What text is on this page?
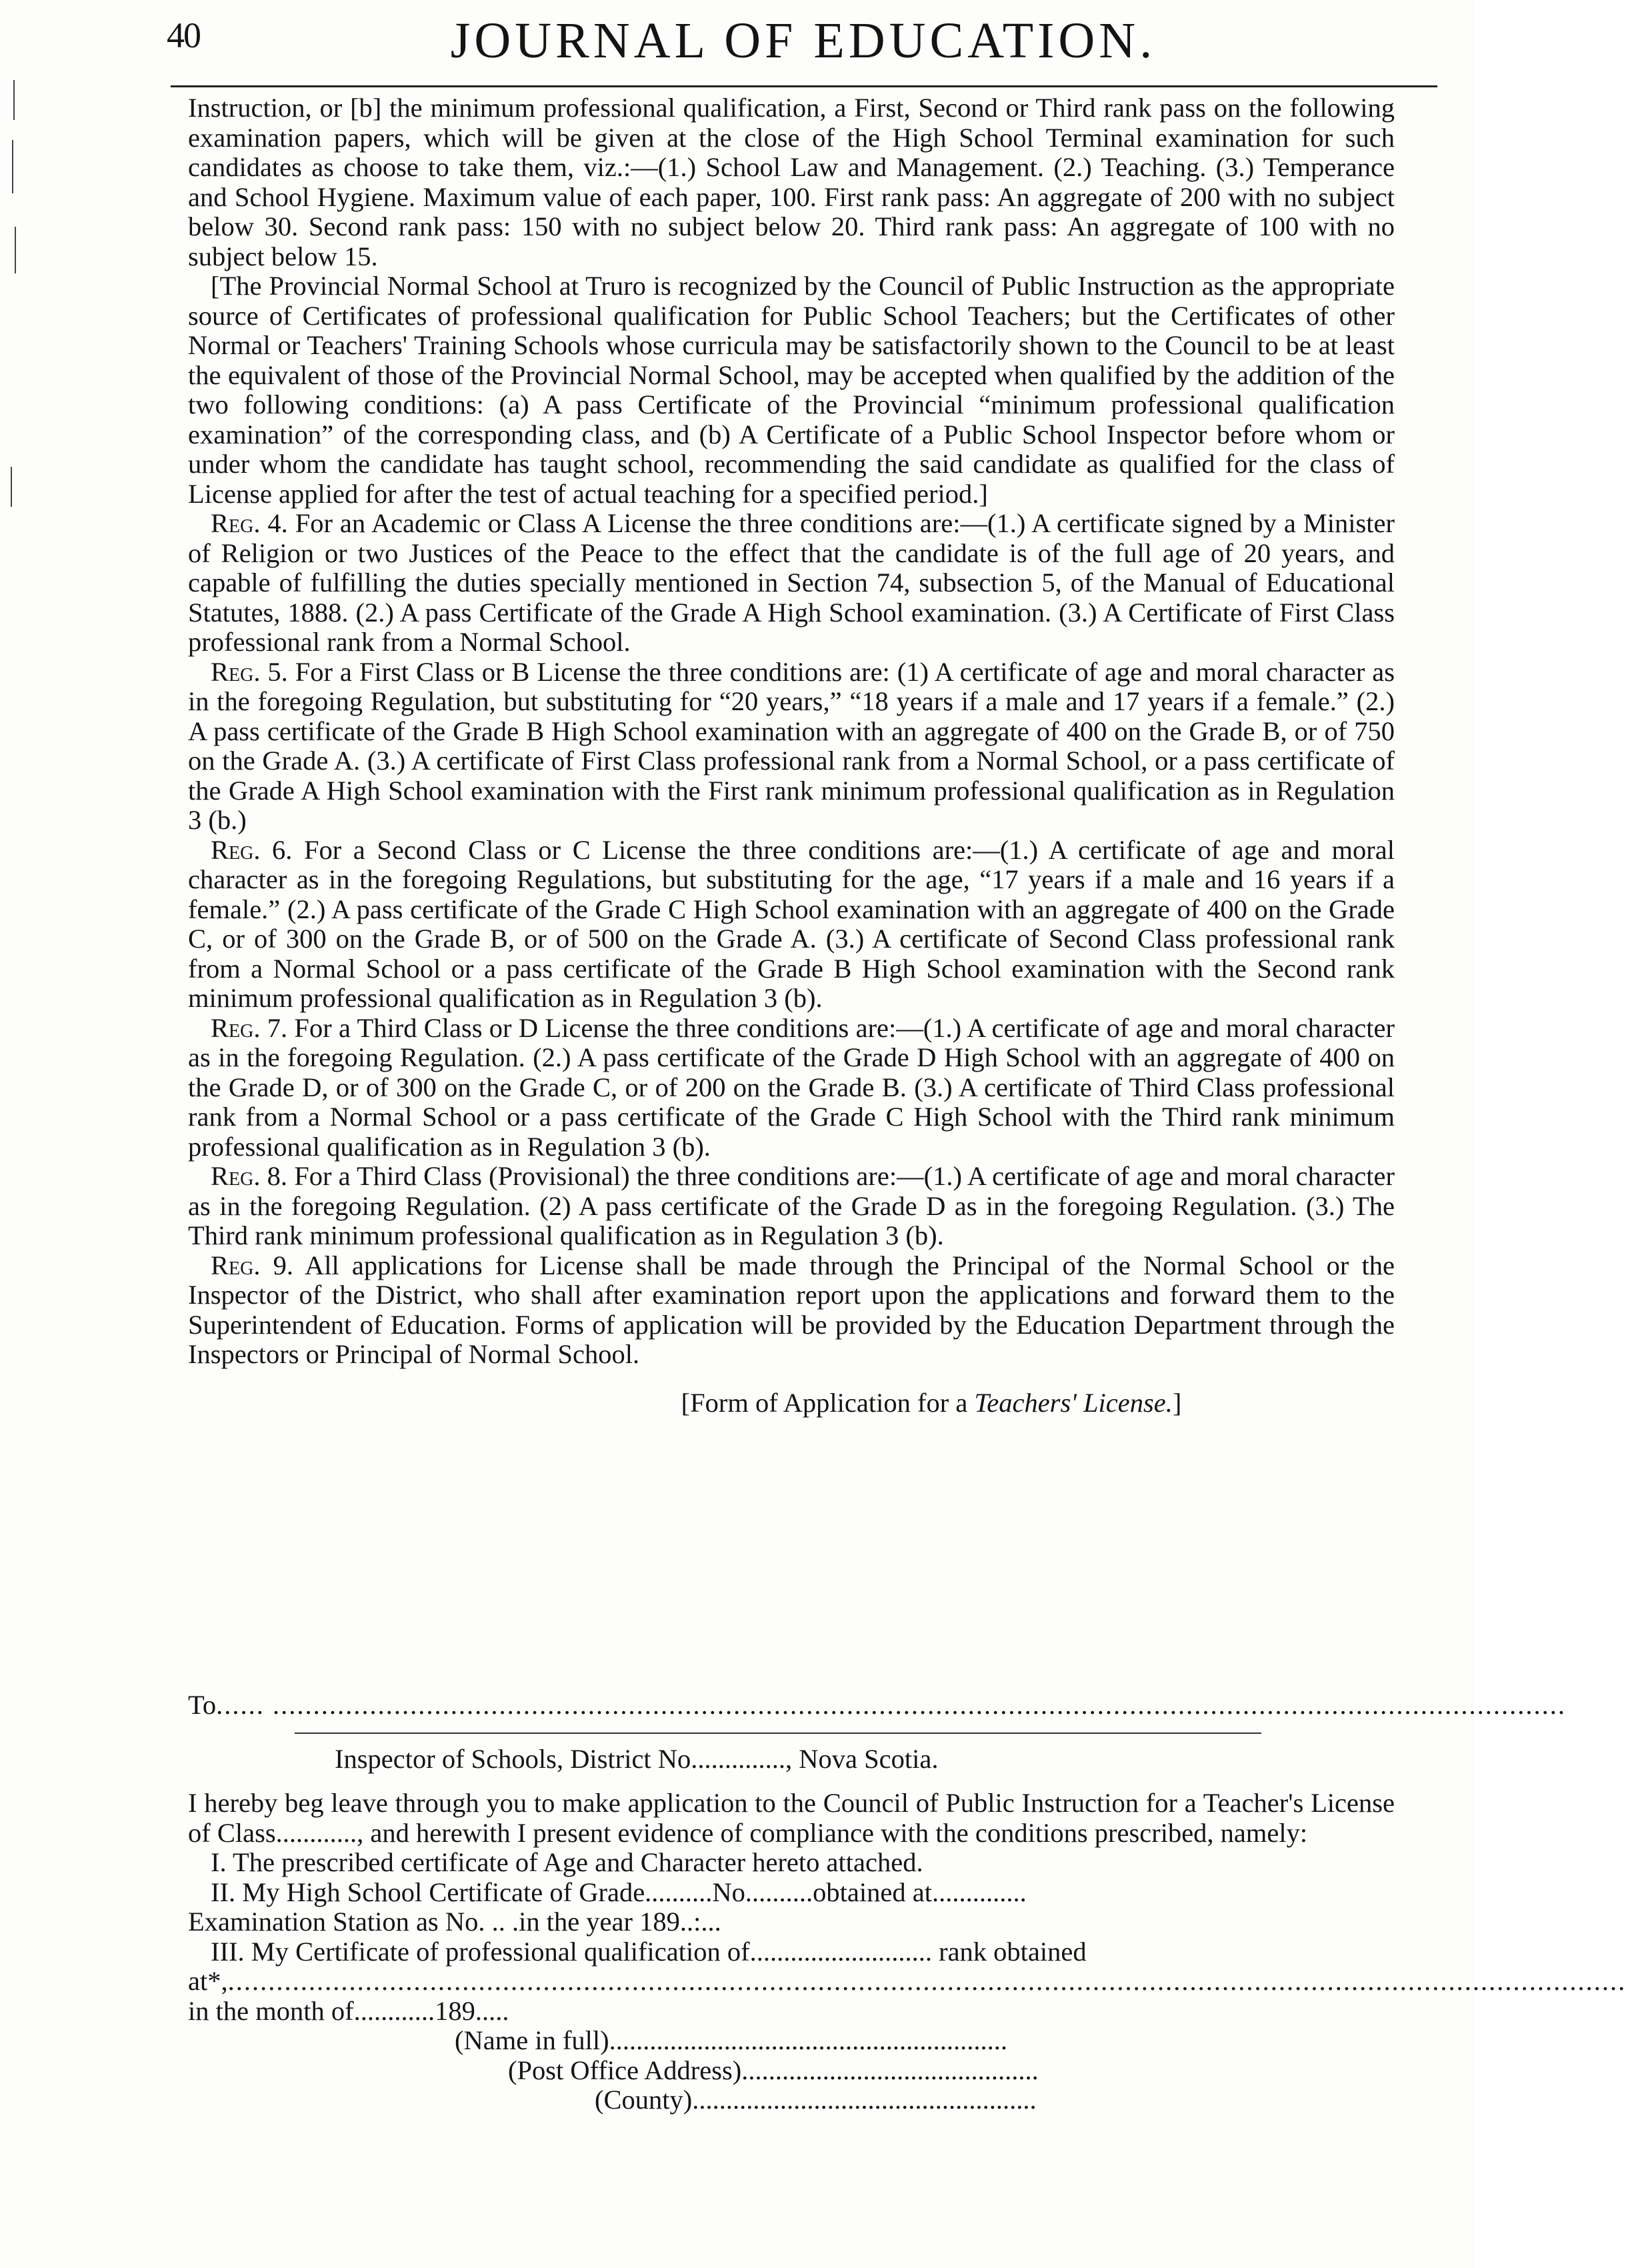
40	JOURNAL OF EDUCATION.

Instruction, or [b] the minimum professional qualification, a First, Second or Third rank pass on the following examination papers, which will be given at the close of the High School Terminal examination for such candidates as choose to take them, viz.:—(1.) School Law and Management. (2.) Teaching. (3.) Temperance and School Hygiene. Maximum value of each paper, 100. First rank pass: An aggregate of 200 with no subject below 30. Second rank pass: 150 with no subject below 20. Third rank pass: An aggregate of 100 with no subject below 15.

[The Provincial Normal School at Truro is recognized by the Council of Public Instruction as the appropriate source of Certificates of professional qualification for Public School Teachers; but the Certificates of other Normal or Teachers' Training Schools whose curricula may be satisfactorily shown to the Council to be at least the equivalent of those of the Provincial Normal School, may be accepted when qualified by the addition of the two following conditions: (a) A pass Certificate of the Provincial “minimum professional qualification examination” of the corresponding class, and (b) A Certificate of a Public School Inspector before whom or under whom the candidate has taught school, recommending the said candidate as qualified for the class of License applied for after the test of actual teaching for a specified period.]

Reg. 4. For an Academic or Class A License the three conditions are:—(1.) A certificate signed by a Minister of Religion or two Justices of the Peace to the effect that the candidate is of the full age of 20 years, and capable of fulfilling the duties specially mentioned in Section 74, subsection 5, of the Manual of Educational Statutes, 1888. (2.) A pass Certificate of the Grade A High School examination. (3.) A Certificate of First Class professional rank from a Normal School.

Reg. 5. For a First Class or B License the three conditions are: (1) A certificate of age and moral character as in the foregoing Regulation, but substituting for “20 years,” “18 years if a male and 17 years if a female.” (2.) A pass certificate of the Grade B High School examination with an aggregate of 400 on the Grade B, or of 750 on the Grade A. (3.) A certificate of First Class professional rank from a Normal School, or a pass certificate of the Grade A High School examination with the First rank minimum professional qualification as in Regulation 3 (b.)

Reg. 6. For a Second Class or C License the three conditions are:—(1.) A certificate of age and moral character as in the foregoing Regulations, but substituting for the age, “17 years if a male and 16 years if a female.” (2.) A pass certificate of the Grade C High School examination with an aggregate of 400 on the Grade C, or of 300 on the Grade B, or of 500 on the Grade A. (3.) A certificate of Second Class professional rank from a Normal School or a pass certificate of the Grade B High School examination with the Second rank minimum professional qualification as in Regulation 3 (b).

Reg. 7. For a Third Class or D License the three conditions are:—(1.) A certificate of age and moral character as in the foregoing Regulation. (2.) A pass certificate of the Grade D High School with an aggregate of 400 on the Grade D, or of 300 on the Grade C, or of 200 on the Grade B. (3.) A certificate of Third Class professional rank from a Normal School or a pass certificate of the Grade C High School with the Third rank minimum professional qualification as in Regulation 3 (b).

Reg. 8. For a Third Class (Provisional) the three conditions are:—(1.) A certificate of age and moral character as in the foregoing Regulation. (2) A pass certificate of the Grade D as in the foregoing Regulation. (3.) The Third rank minimum professional qualification as in Regulation 3 (b).

Reg. 9. All applications for License shall be made through the Principal of the Normal School or the Inspector of the District, who shall after examination report upon the applications and forward them to the Superintendent of Education. Forms of application will be provided by the Education Department through the Inspectors or Principal of Normal School.

[Form of Application for a Teachers' License.]

To ...... ................................................................................................................................................................

Inspector of Schools, District No.............., Nova Scotia.

I hereby beg leave through you to make application to the Council of Public Instruction for a Teacher's License of Class............, and herewith I present evidence of compliance with the conditions prescribed, namely:

I. The prescribed certificate of Age and Character hereto attached.

II. My High School Certificate of Grade..........No..........obtained at..............

Examination Station as No. .. .in the year 189..:...

III. My Certificate of professional qualification of........................... rank obtained

at*, .............................................................................................................................................................................

in the month of............189.....

(Name in full)...........................................................

(Post Office Address)............................................

(County)...................................................
